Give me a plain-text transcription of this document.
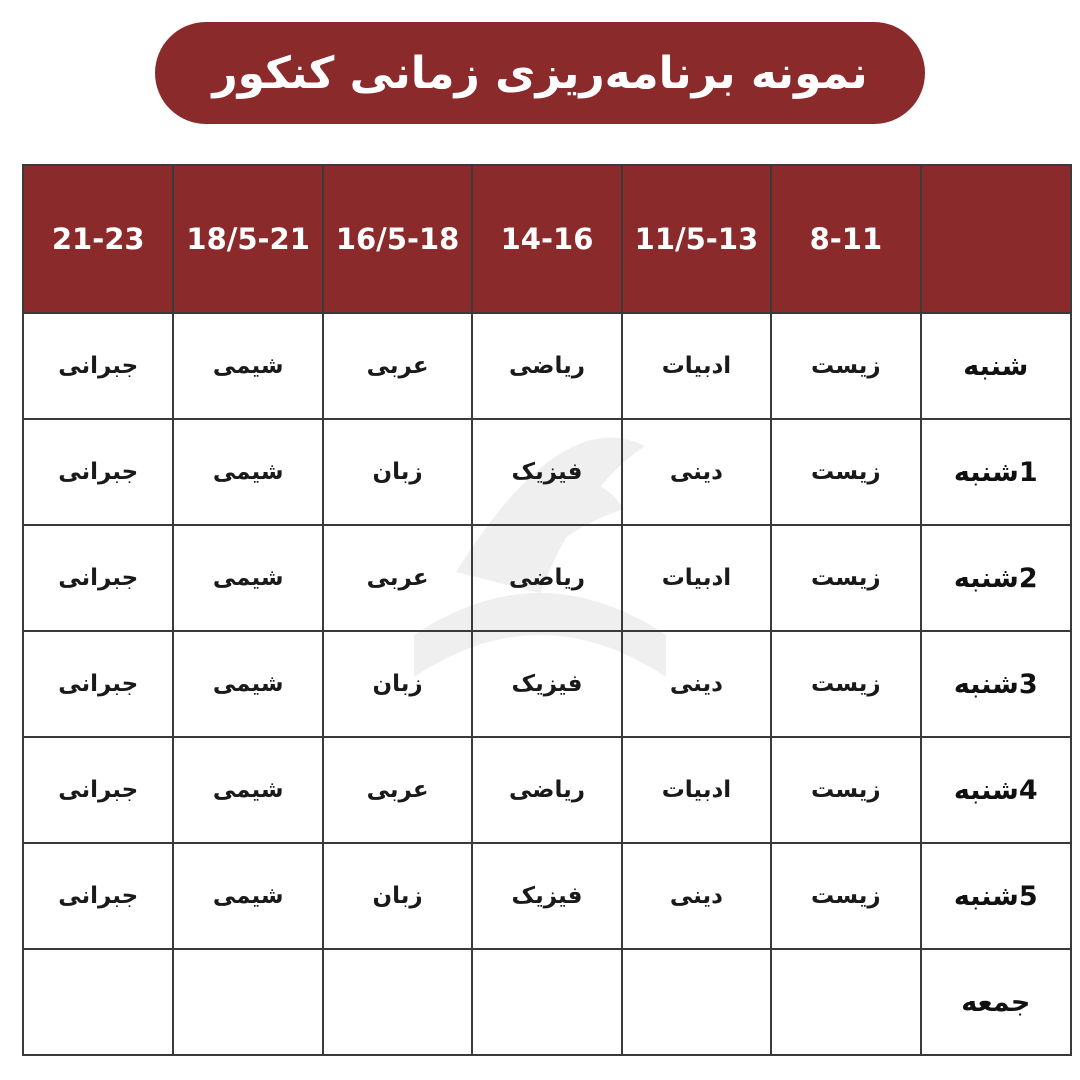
نمونه برنامه‌ریزی زمانی کنکور
	8-11	11/5-13	14-16	16/5-18	18/5-21	21-23
شنبه	زیست	ادبیات	ریاضی	عربی	شیمی	جبرانی
1شنبه	زیست	دینی	فیزیک	زبان	شیمی	جبرانی
2شنبه	زیست	ادبیات	ریاضی	عربی	شیمی	جبرانی
3شنبه	زیست	دینی	فیزیک	زبان	شیمی	جبرانی
4شنبه	زیست	ادبیات	ریاضی	عربی	شیمی	جبرانی
5شنبه	زیست	دینی	فیزیک	زبان	شیمی	جبرانی
جمعه						
